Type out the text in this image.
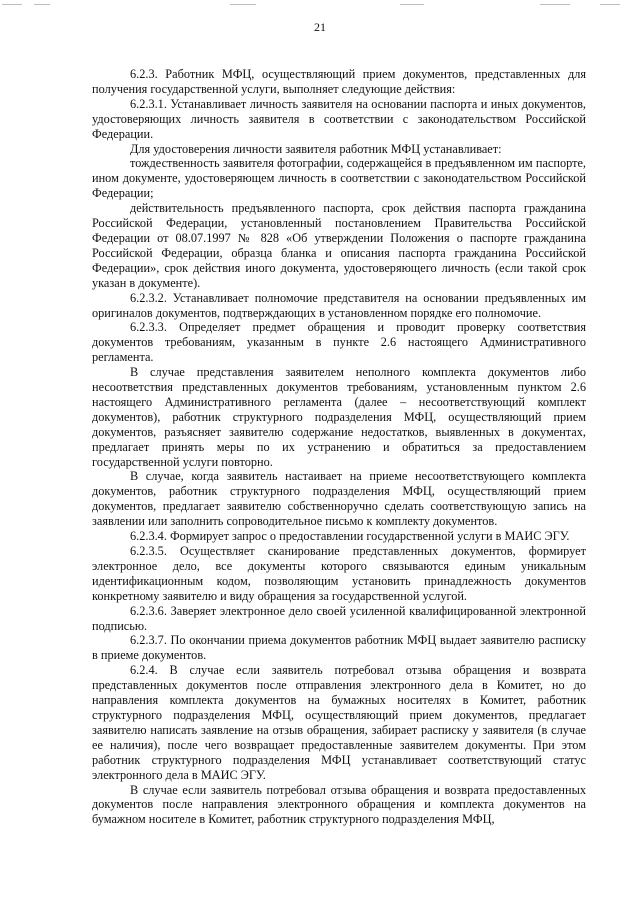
21

6.2.3. Работник МФЦ, осуществляющий прием документов, представленных для получения государственной услуги, выполняет следующие действия:

6.2.3.1. Устанавливает личность заявителя на основании паспорта и иных документов, удостоверяющих личность заявителя в соответствии с законодательством Российской Федерации.

Для удостоверения личности заявителя работник МФЦ устанавливает:

тождественность заявителя фотографии, содержащейся в предъявленном им паспорте, ином документе, удостоверяющем личность в соответствии с законодательством Российской Федерации;

действительность предъявленного паспорта, срок действия паспорта гражданина Российской Федерации, установленный постановлением Правительства Российской Федерации от 08.07.1997 № 828 «Об утверждении Положения о паспорте гражданина Российской Федерации, образца бланка и описания паспорта гражданина Российской Федерации», срок действия иного документа, удостоверяющего личность (если такой срок указан в документе).

6.2.3.2. Устанавливает полномочие представителя на основании предъявленных им оригиналов документов, подтверждающих в установленном порядке его полномочие.

6.2.3.3. Определяет предмет обращения и проводит проверку соответствия документов требованиям, указанным в пункте 2.6 настоящего Административного регламента.

В случае представления заявителем неполного комплекта документов либо несоответствия представленных документов требованиям, установленным пунктом 2.6 настоящего Административного регламента (далее – несоответствующий комплект документов), работник структурного подразделения МФЦ, осуществляющий прием документов, разъясняет заявителю содержание недостатков, выявленных в документах, предлагает принять меры по их устранению и обратиться за предоставлением государственной услуги повторно.

В случае, когда заявитель настаивает на приеме несоответствующего комплекта документов, работник структурного подразделения МФЦ, осуществляющий прием документов, предлагает заявителю собственноручно сделать соответствующую запись на заявлении или заполнить сопроводительное письмо к комплекту документов.

6.2.3.4. Формирует запрос о предоставлении государственной услуги в МАИС ЭГУ.

6.2.3.5. Осуществляет сканирование представленных документов, формирует электронное дело, все документы которого связываются единым уникальным идентификационным кодом, позволяющим установить принадлежность документов конкретному заявителю и виду обращения за государственной услугой.

6.2.3.6. Заверяет электронное дело своей усиленной квалифицированной электронной подписью.

6.2.3.7. По окончании приема документов работник МФЦ выдает заявителю расписку в приеме документов.

6.2.4. В случае если заявитель потребовал отзыва обращения и возврата представленных документов после отправления электронного дела в Комитет, но до направления комплекта документов на бумажных носителях в Комитет, работник структурного подразделения МФЦ, осуществляющий прием документов, предлагает заявителю написать заявление на отзыв обращения, забирает расписку у заявителя (в случае ее наличия), после чего возвращает предоставленные заявителем документы. При этом работник структурного подразделения МФЦ устанавливает соответствующий статус электронного дела в МАИС ЭГУ.

В случае если заявитель потребовал отзыва обращения и возврата предоставленных документов после направления электронного обращения и комплекта документов на бумажном носителе в Комитет, работник структурного подразделения МФЦ,
